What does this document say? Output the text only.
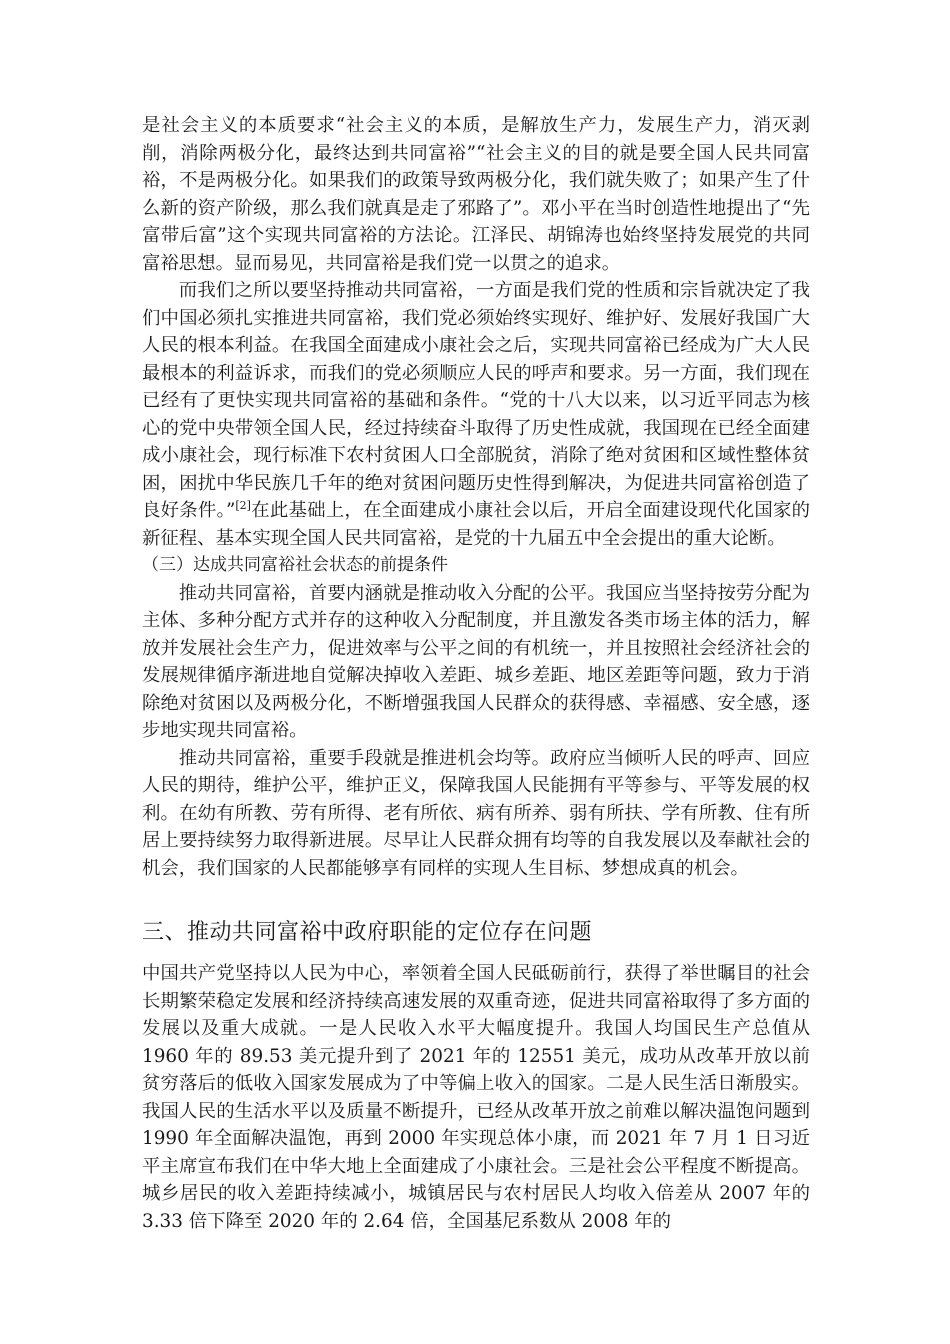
是社会主义的本质要求“社会主义的本质，是解放生产力，发展生产力，消灭剥削，消除两极分化，最终达到共同富裕”“社会主义的目的就是要全国人民共同富裕，不是两极分化。如果我们的政策导致两极分化，我们就失败了；如果产生了什么新的资产阶级，那么我们就真是走了邪路了”。邓小平在当时创造性地提出了“先富带后富”这个实现共同富裕的方法论。江泽民、胡锦涛也始终坚持发展党的共同富裕思想。显而易见，共同富裕是我们党一以贯之的追求。

而我们之所以要坚持推动共同富裕，一方面是我们党的性质和宗旨就决定了我们中国必须扎实推进共同富裕，我们党必须始终实现好、维护好、发展好我国广大人民的根本利益。在我国全面建成小康社会之后，实现共同富裕已经成为广大人民最根本的利益诉求，而我们的党必须顺应人民的呼声和要求。另一方面，我们现在已经有了更快实现共同富裕的基础和条件。“党的十八大以来，以习近平同志为核心的党中央带领全国人民，经过持续奋斗取得了历史性成就，我国现在已经全面建成小康社会，现行标准下农村贫困人口全部脱贫，消除了绝对贫困和区域性整体贫困，困扰中华民族几千年的绝对贫困问题历史性得到解决，为促进共同富裕创造了良好条件。”[2]在此基础上，在全面建成小康社会以后，开启全面建设现代化国家的新征程、基本实现全国人民共同富裕，是党的十九届五中全会提出的重大论断。

（三）达成共同富裕社会状态的前提条件

推动共同富裕，首要内涵就是推动收入分配的公平。我国应当坚持按劳分配为主体、多种分配方式并存的这种收入分配制度，并且激发各类市场主体的活力，解放并发展社会生产力，促进效率与公平之间的有机统一，并且按照社会经济社会的发展规律循序渐进地自觉解决掉收入差距、城乡差距、地区差距等问题，致力于消除绝对贫困以及两极分化，不断增强我国人民群众的获得感、幸福感、安全感，逐步地实现共同富裕。

推动共同富裕，重要手段就是推进机会均等。政府应当倾听人民的呼声、回应人民的期待，维护公平，维护正义，保障我国人民能拥有平等参与、平等发展的权利。在幼有所教、劳有所得、老有所依、病有所养、弱有所扶、学有所教、住有所居上要持续努力取得新进展。尽早让人民群众拥有均等的自我发展以及奉献社会的机会，我们国家的人民都能够享有同样的实现人生目标、梦想成真的机会。

三、推动共同富裕中政府职能的定位存在问题

中国共产党坚持以人民为中心，率领着全国人民砥砺前行，获得了举世瞩目的社会长期繁荣稳定发展和经济持续高速发展的双重奇迹，促进共同富裕取得了多方面的发展以及重大成就。一是人民收入水平大幅度提升。我国人均国民生产总值从 1960 年的 89.53 美元提升到了 2021 年的 12551 美元，成功从改革开放以前贫穷落后的低收入国家发展成为了中等偏上收入的国家。二是人民生活日渐殷实。我国人民的生活水平以及质量不断提升，已经从改革开放之前难以解决温饱问题到 1990 年全面解决温饱，再到 2000 年实现总体小康，而 2021 年 7 月 1 日习近平主席宣布我们在中华大地上全面建成了小康社会。三是社会公平程度不断提高。城乡居民的收入差距持续减小，城镇居民与农村居民人均收入倍差从 2007 年的 3.33 倍下降至 2020 年的 2.64 倍，全国基尼系数从 2008 年的
